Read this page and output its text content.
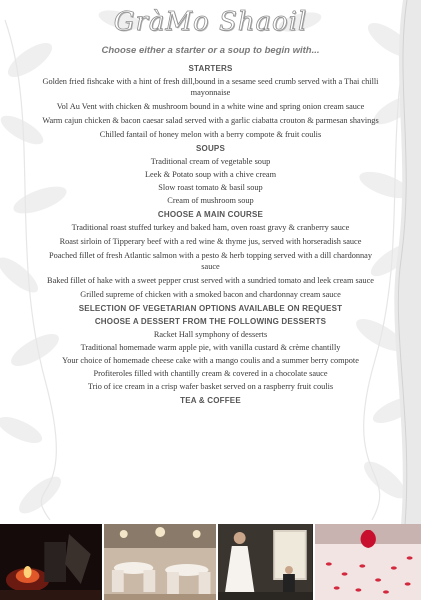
GràMo Shaoil
Choose either a starter or a soup to begin with...
STARTERS
Golden fried fishcake with a hint of fresh dill,bound in a sesame seed crumb served with a Thai chilli mayonnaise
Vol Au Vent with chicken & mushroom bound in a white wine and spring onion cream sauce
Warm cajun chicken & bacon caesar salad served with a garlic ciabatta crouton & parmesan shavings
Chilled fantail of honey melon with a berry compote & fruit coulis
SOUPS
Traditional cream of vegetable soup
Leek & Potato soup with a chive cream
Slow roast tomato & basil soup
Cream of mushroom soup
CHOOSE A MAIN COURSE
Traditional roast stuffed turkey and baked ham, oven roast gravy & cranberry sauce
Roast sirloin of Tipperary beef with a red wine & thyme jus, served with horseradish sauce
Poached fillet of fresh Atlantic salmon with a pesto & herb topping served with a dill chardonnay sauce
Baked fillet of hake with a sweet pepper crust served with a sundried tomato and leek cream sauce
Grilled supreme of chicken with a smoked bacon and chardonnay cream sauce
SELECTION OF VEGETARIAN OPTIONS AVAILABLE ON REQUEST
CHOOSE A DESSERT FROM THE FOLLOWING DESSERTS
Racket Hall symphony of desserts
Traditional homemade warm apple pie, with vanilla custard & crème chantilly
Your choice of homemade cheese cake with a mango coulis and a summer berry compote
Profiteroles filled with chantilly cream & covered in a chocolate sauce
Trio of ice cream in a crisp wafer basket served on a raspberry fruit coulis
TEA & COFFEE
